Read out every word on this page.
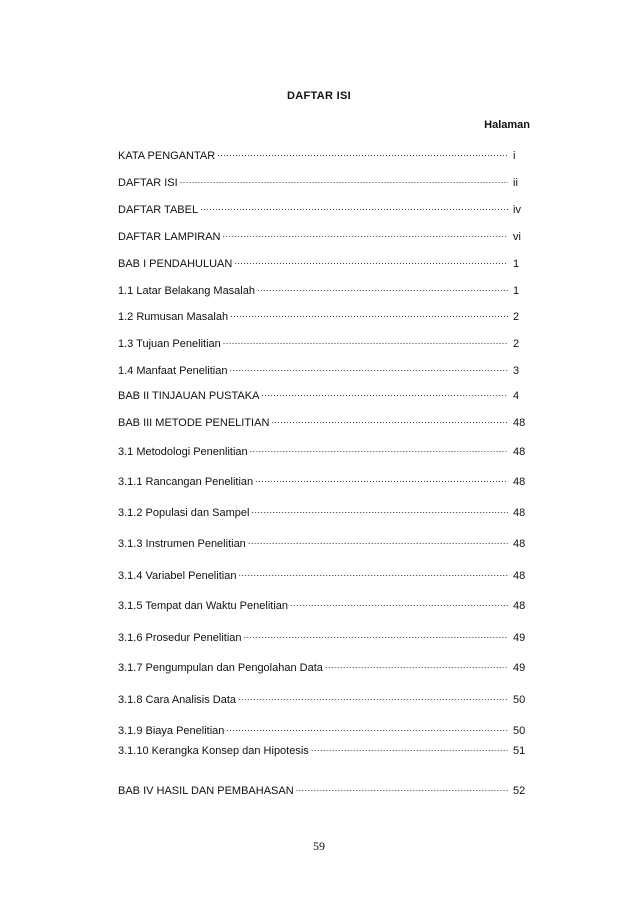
DAFTAR ISI
Halaman
KATA PENGANTAR .....	i
DAFTAR ISI .....	ii
DAFTAR TABEL .....	iv
DAFTAR LAMPIRAN .....	vi
BAB I PENDAHULUAN .....	1
1.1 Latar Belakang Masalah .....	1
1.2 Rumusan Masalah .....	2
1.3 Tujuan Penelitian .....	2
1.4 Manfaat Penelitian .....	3
BAB II TINJAUAN PUSTAKA .....	4
BAB III METODE PENELITIAN .....	48
3.1 Metodologi Penenlitian .....	48
3.1.1 Rancangan Penelitian .....	48
3.1.2 Populasi dan Sampel .....	48
3.1.3 Instrumen Penelitian .....	48
3.1.4 Variabel Penelitian .....	48
3.1.5 Tempat dan Waktu Penelitian .....	48
3.1.6 Prosedur Penelitian .....	49
3.1.7 Pengumpulan dan Pengolahan Data .....	49
3.1.8 Cara Analisis Data .....	50
3.1.9 Biaya Penelitian .....	50
3.1.10 Kerangka Konsep dan Hipotesis .....	51
BAB IV HASIL DAN PEMBAHASAN .....	52
59
